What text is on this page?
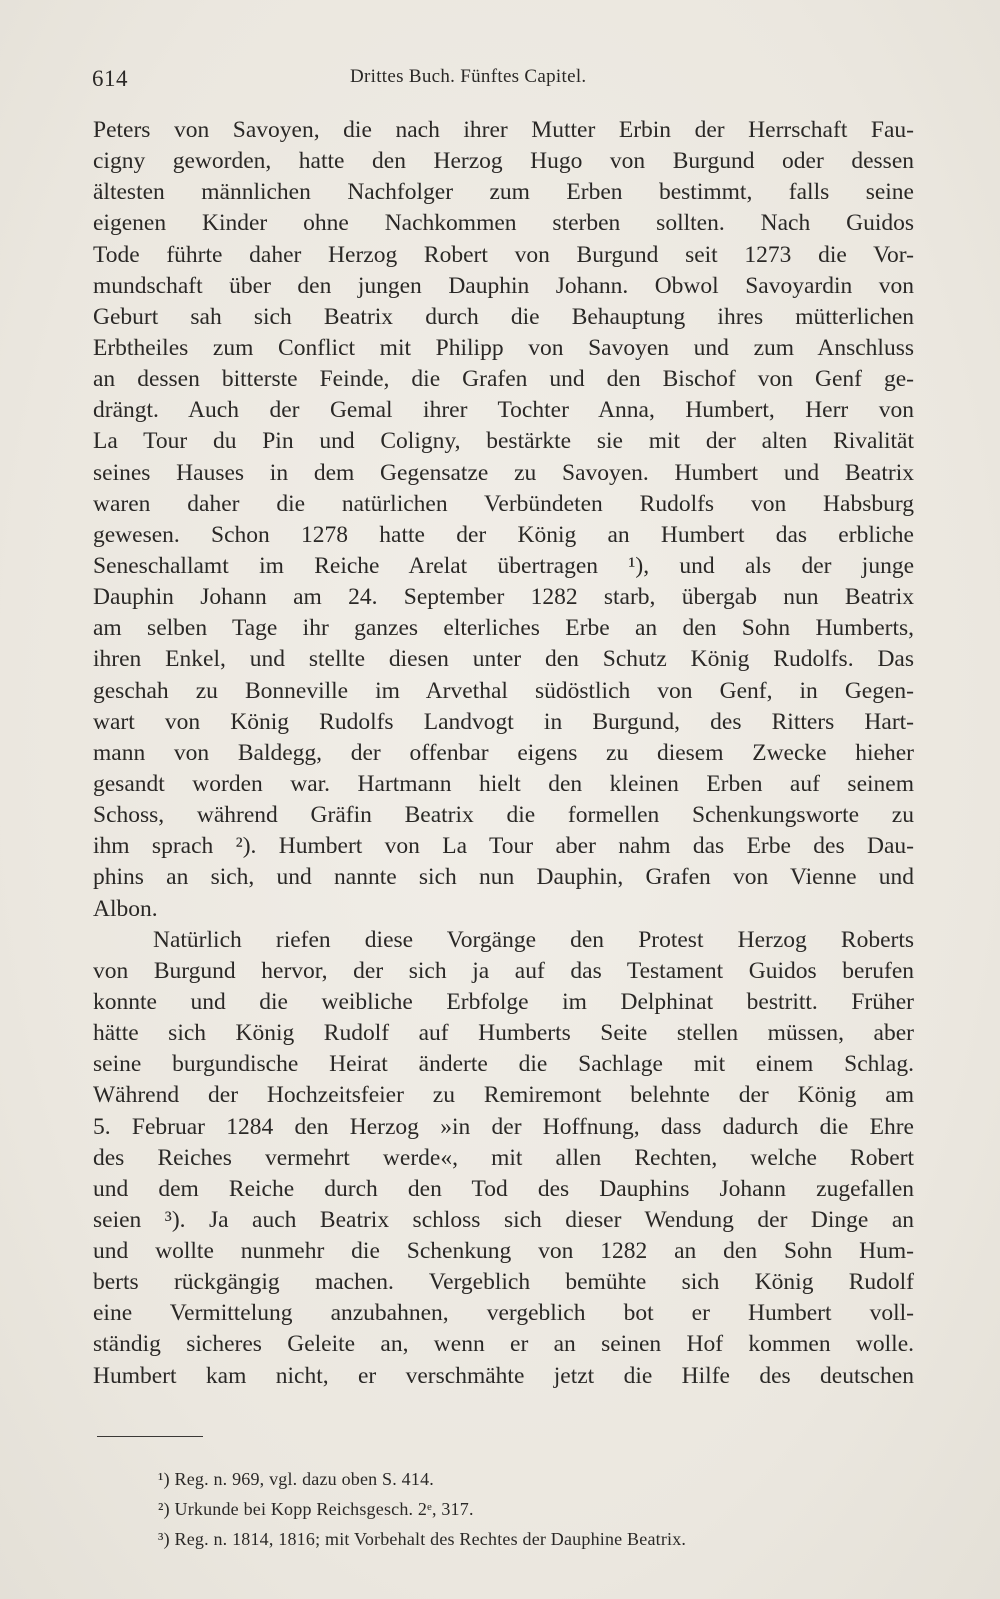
614	Drittes Buch. Fünftes Capitel.
Peters von Savoyen, die nach ihrer Mutter Erbin der Herrschaft Fau-
cigny geworden, hatte den Herzog Hugo von Burgund oder dessen
ältesten männlichen Nachfolger zum Erben bestimmt, falls seine
eigenen Kinder ohne Nachkommen sterben sollten. Nach Guidos
Tode führte daher Herzog Robert von Burgund seit 1273 die Vor-
mundschaft über den jungen Dauphin Johann. Obwol Savoyardin von
Geburt sah sich Beatrix durch die Behauptung ihres mütterlichen
Erbtheiles zum Conflict mit Philipp von Savoyen und zum Anschluss
an dessen bitterste Feinde, die Grafen und den Bischof von Genf ge-
drängt. Auch der Gemal ihrer Tochter Anna, Humbert, Herr von
La Tour du Pin und Coligny, bestärkte sie mit der alten Rivalität
seines Hauses in dem Gegensatze zu Savoyen. Humbert und Beatrix
waren daher die natürlichen Verbündeten Rudolfs von Habsburg
gewesen. Schon 1278 hatte der König an Humbert das erbliche
Seneschallamt im Reiche Arelat übertragen ¹), und als der junge
Dauphin Johann am 24. September 1282 starb, übergab nun Beatrix
am selben Tage ihr ganzes elterliches Erbe an den Sohn Humberts,
ihren Enkel, und stellte diesen unter den Schutz König Rudolfs. Das
geschah zu Bonneville im Arvethal südöstlich von Genf, in Gegen-
wart von König Rudolfs Landvogt in Burgund, des Ritters Hart-
mann von Baldegg, der offenbar eigens zu diesem Zwecke hieher
gesandt worden war. Hartmann hielt den kleinen Erben auf seinem
Schoss, während Gräfin Beatrix die formellen Schenkungsworte zu
ihm sprach ²). Humbert von La Tour aber nahm das Erbe des Dau-
phins an sich, und nannte sich nun Dauphin, Grafen von Vienne und
Albon.
Natürlich riefen diese Vorgänge den Protest Herzog Roberts
von Burgund hervor, der sich ja auf das Testament Guidos berufen
konnte und die weibliche Erbfolge im Delphinat bestritt. Früher
hätte sich König Rudolf auf Humberts Seite stellen müssen, aber
seine burgundische Heirat änderte die Sachlage mit einem Schlag.
Während der Hochzeitsfeier zu Remiremont belehnte der König am
5. Februar 1284 den Herzog »in der Hoffnung, dass dadurch die Ehre
des Reiches vermehrt werde«, mit allen Rechten, welche Robert
und dem Reiche durch den Tod des Dauphins Johann zugefallen
seien ³). Ja auch Beatrix schloss sich dieser Wendung der Dinge an
und wollte nunmehr die Schenkung von 1282 an den Sohn Hum-
berts rückgängig machen. Vergeblich bemühte sich König Rudolf
eine Vermittelung anzubahnen, vergeblich bot er Humbert voll-
ständig sicheres Geleite an, wenn er an seinen Hof kommen wolle.
Humbert kam nicht, er verschmähte jetzt die Hilfe des deutschen
¹) Reg. n. 969, vgl. dazu oben S. 414.
²) Urkunde bei Kopp Reichsgesch. 2ᵉ, 317.
³) Reg. n. 1814, 1816; mit Vorbehalt des Rechtes der Dauphine Beatrix.
